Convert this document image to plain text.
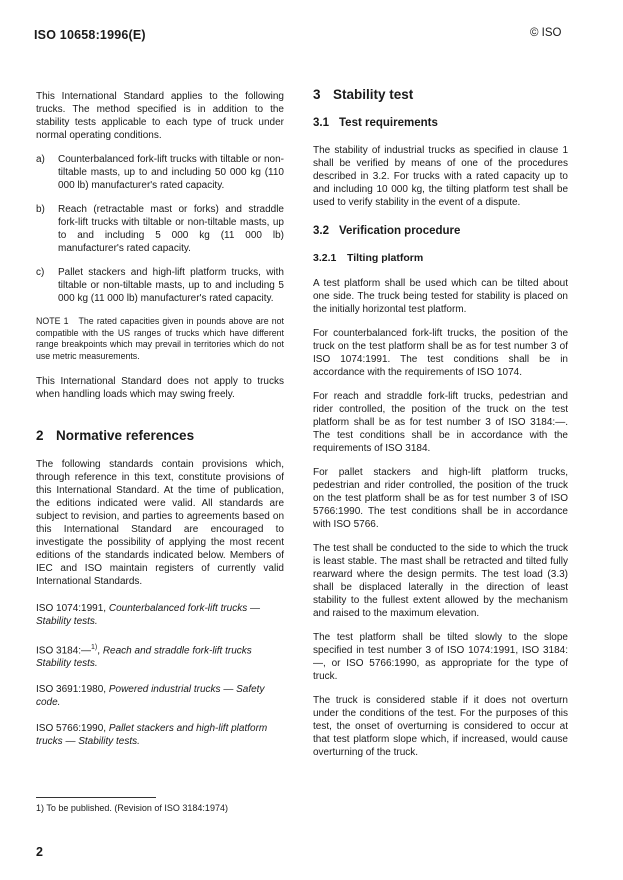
ISO 10658:1996(E)	© ISO

This International Standard applies to the following trucks. The method specified is in addition to the stability tests applicable to each type of truck under normal operating conditions.

a) Counterbalanced fork-lift trucks with tiltable or non-tiltable masts, up to and including 50 000 kg (110 000 lb) manufacturer's rated capacity.
b) Reach (retractable mast or forks) and straddle fork-lift trucks with tiltable or non-tiltable masts, up to and including 5 000 kg (11 000 lb) manufacturer's rated capacity.
c) Pallet stackers and high-lift platform trucks, with tiltable or non-tiltable masts, up to and including 5 000 kg (11 000 lb) manufacturer's rated capacity.
NOTE 1 The rated capacities given in pounds above are not compatible with the US ranges of trucks which have different range breakpoints which may prevail in territories which do not use metric measurements.

This International Standard does not apply to trucks when handling loads which may swing freely.

2 Normative references

The following standards contain provisions which, through reference in this text, constitute provisions of this International Standard. At the time of publication, the editions indicated were valid. All standards are subject to revision, and parties to agreements based on this International Standard are encouraged to investigate the possibility of applying the most recent editions of the standards indicated below. Members of IEC and ISO maintain registers of currently valid International Standards.

ISO 1074:1991, Counterbalanced fork-lift trucks — Stability tests.
ISO 3184:—$^{1)}$, Reach and straddle fork-lift trucks Stability tests.
ISO 3691:1980, Powered industrial trucks — Safety code.
ISO 5766:1990, Pallet stackers and high-lift platform trucks — Stability tests.
3 Stability test
3.1 Test requirements

The stability of industrial trucks as specified in clause 1 shall be verified by means of one of the procedures described in 3.2. For trucks with a rated capacity up to and including 10 000 kg, the tilting platform test shall be used to verify stability in the event of a dispute.

3.2 Verification procedure
3.2.1 Tilting platform

A test platform shall be used which can be tilted about one side. The truck being tested for stability is placed on the initially horizontal test platform.

For counterbalanced fork-lift trucks, the position of the truck on the test platform shall be as for test number 3 of ISO 1074:1991. The test conditions shall be in accordance with the requirements of ISO 1074.

For reach and straddle fork-lift trucks, pedestrian and rider controlled, the position of the truck on the test platform shall be as for test number 3 of ISO 3184:—. The test conditions shall be in accordance with the requirements of ISO 3184.

For pallet stackers and high-lift platform trucks, pedestrian and rider controlled, the position of the truck on the test platform shall be as for test number 3 of ISO 5766:1990. The test conditions shall be in accordance with ISO 5766.

The test shall be conducted to the side to which the truck is least stable. The mast shall be retracted and tilted fully rearward where the design permits. The test load (3.3) shall be displaced laterally in the direction of least stability to the fullest extent allowed by the mechanism and raised to the maximum elevation.

The test platform shall be tilted slowly to the slope specified in test number 3 of ISO 1074:1991, ISO 3184:—, or ISO 5766:1990, as appropriate for the type of truck.

The truck is considered stable if it does not overturn under the conditions of the test. For the purposes of this test, the onset of overturning is considered to occur at that test platform slope which, if increased, would cause overturning of the truck.

1) To be published. (Revision of ISO 3184:1974)
2
